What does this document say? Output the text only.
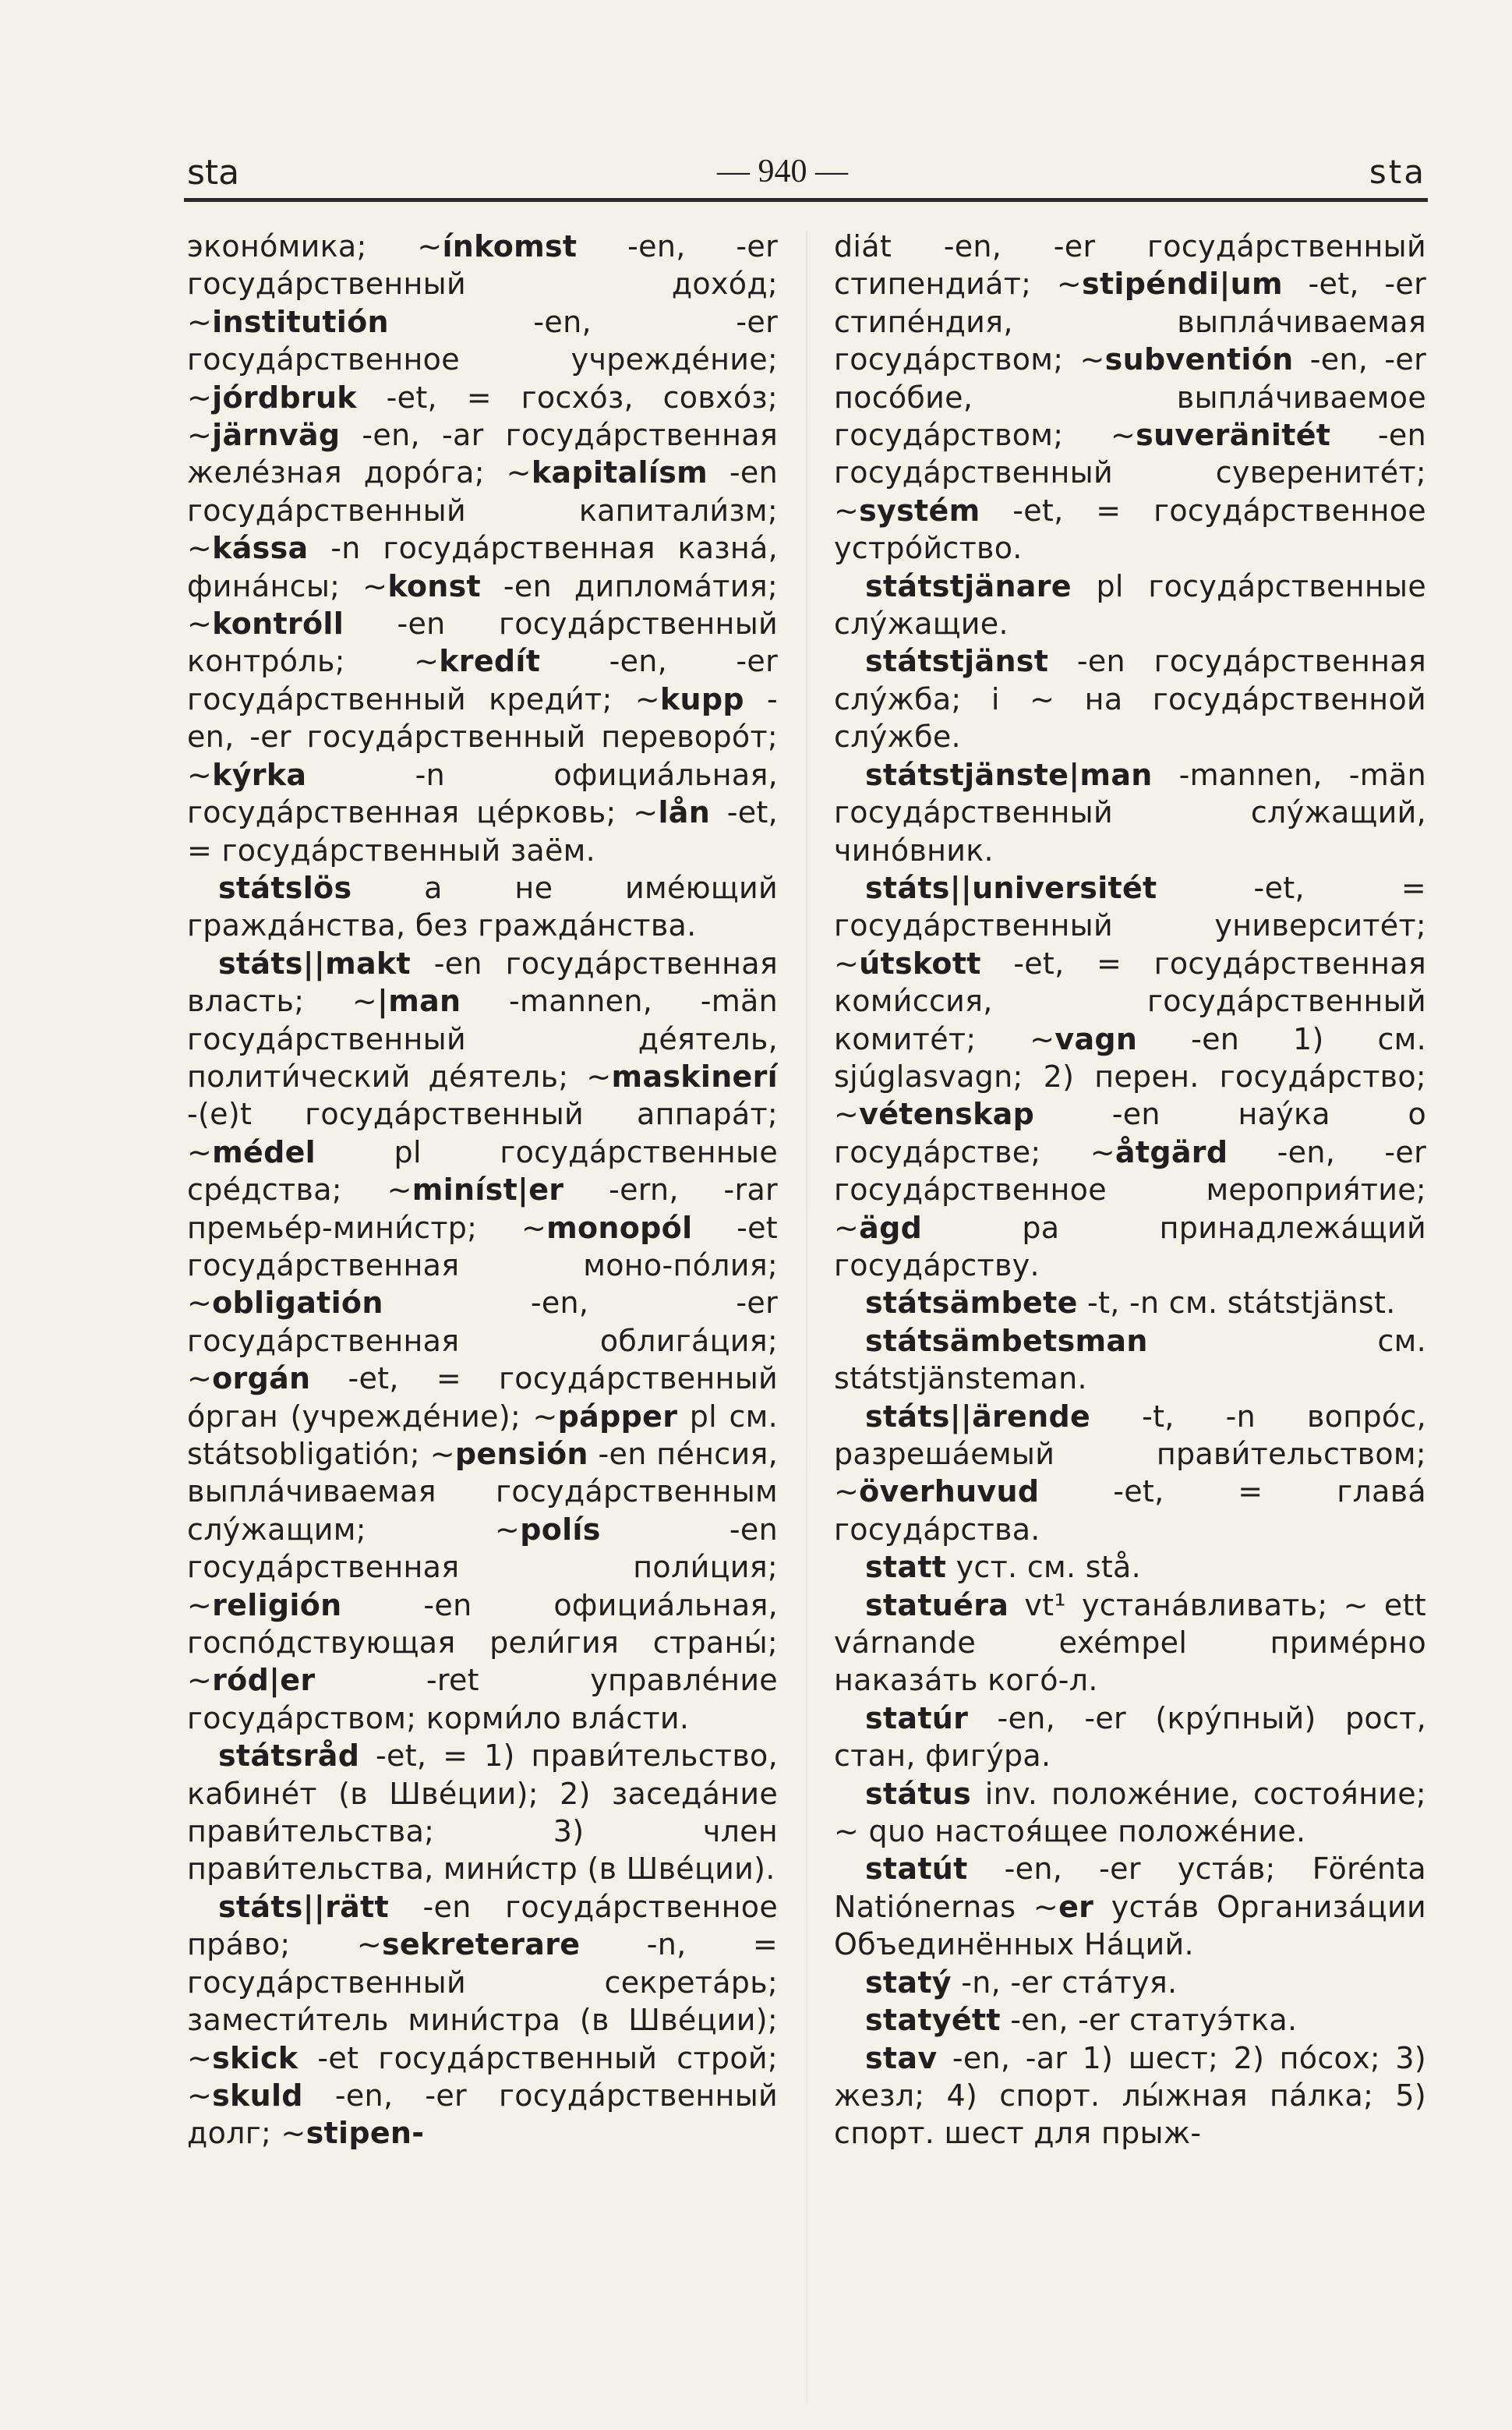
sta	— 940 —	sta

эконо́мика; ~ínkomst -en, -er госуда́рственный дохо́д; ~institutión -en, -er госуда́рственное учрежде́ние; ~jórdbruk -et, = госхо́з, совхо́з; ~järnväg -en, -ar госуда́рственная желе́зная доро́га; ~kapitalísm -en госуда́рственный капитали́зм; ~kássa -n госуда́рственная казна́, фина́нсы; ~konst -en диплома́тия; ~kontróll -en госуда́рственный контро́ль; ~kredít -en, -er госуда́рственный креди́т; ~kupp -en, -er госуда́рственный переворо́т; ~kýrka -n официа́льная, госуда́рственная це́рковь; ~lån -et, = госуда́рственный заём.

státslös a не име́ющий гражда́нства, без гражда́нства.

státs||makt -en госуда́рственная власть; ~|man -mannen, -män госуда́рственный де́ятель, полити́ческий де́ятель; ~maskinerí -(e)t госуда́рственный аппара́т; ~médel pl госуда́рственные сре́дства; ~miníst|er -ern, -rar премье́р-мини́стр; ~monopól -et госуда́рственная моно-по́лия; ~obligatión -en, -er госуда́рственная облига́ция; ~orgán -et, = госуда́рственный о́рган (учрежде́ние); ~pápper pl см. státsobligatión; ~pensión -en пе́нсия, выпла́чиваемая госуда́рственным слу́жащим; ~polís -en госуда́рственная поли́ция; ~religión -en официа́льная, госпо́дствующая рели́гия страны́; ~ród|er -ret управле́ние госуда́рством; корми́ло вла́сти.

státsråd -et, = 1) прави́тельство, кабине́т (в Шве́ции); 2) заседа́ние прави́тельства; 3) член прави́тельства, мини́стр (в Шве́ции).

státs||rätt -en госуда́рственное пра́во; ~sekreterare -n, = госуда́рственный секрета́рь; замести́тель мини́стра (в Шве́ции); ~skick -et госуда́рственный строй; ~skuld -en, -er госуда́рственный долг; ~stipen-

diát -en, -er госуда́рственный стипендиа́т; ~stipéndi|um -et, -er стипе́ндия, выпла́чиваемая госуда́рством; ~subventión -en, -er посо́бие, выпла́чиваемое госуда́рством; ~suveränitét -en госуда́рственный суверените́т; ~systém -et, = госуда́рственное устро́йство.

státstjänare pl госуда́рственные слу́жащие.

státstjänst -en госуда́рственная слу́жба; i ~ на госуда́рственной слу́жбе.

státstjänste|man -mannen, -män госуда́рственный слу́жащий, чино́вник.

státs||universitét -et, = госуда́рственный университе́т; ~útskott -et, = госуда́рственная коми́ссия, госуда́рственный комите́т; ~vagn -en 1) см. sjúglasvagn; 2) перен. госуда́рство; ~vétenskap -en нау́ка о госуда́рстве; ~åtgärd -en, -er госуда́рственное мероприя́тие; ~ägd pa принадлежа́щий госуда́рству.

státsämbete -t, -n см. státstjänst.

státsämbetsman см. státstjänsteman.

státs||ärende -t, -n вопро́с, разреша́емый прави́тельством; ~överhuvud -et, = глава́ госуда́рства.

statt уст. см. stå.

statuéra vt¹ устана́вливать; ~ ett várnande exémpel приме́рно наказа́ть кого́-л.

statúr -en, -er (кру́пный) рост, стан, фигу́ра.

státus inv. положе́ние, состоя́ние; ~ quo настоя́щее положе́ние.

statút -en, -er уста́в; Förénta Natiónernas ~er уста́в Организа́ции Объединённых На́ций.

statý -n, -er ста́туя.

statyétt -en, -er статуэ́тка.

stav -en, -ar 1) шест; 2) по́сох; 3) жезл; 4) спорт. лы́жная па́лка; 5) спорт. шест для прыж-
